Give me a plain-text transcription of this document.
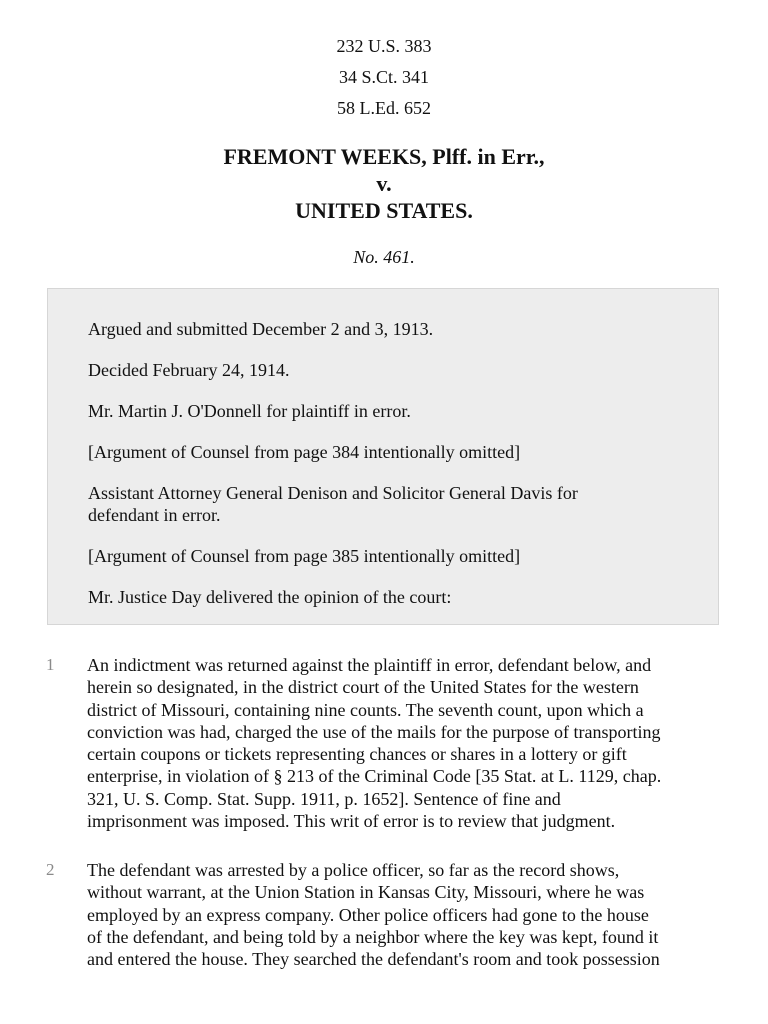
232 U.S. 383
34 S.Ct. 341
58 L.Ed. 652
FREMONT WEEKS, Plff. in Err.,
v.
UNITED STATES.
No. 461.
Argued and submitted December 2 and 3, 1913.
Decided February 24, 1914.
Mr. Martin J. O'Donnell for plaintiff in error.
[Argument of Counsel from page 384 intentionally omitted]
Assistant Attorney General Denison and Solicitor General Davis for
defendant in error.
[Argument of Counsel from page 385 intentionally omitted]
Mr. Justice Day delivered the opinion of the court:
1 An indictment was returned against the plaintiff in error, defendant below, and
herein so designated, in the district court of the United States for the western
district of Missouri, containing nine counts. The seventh count, upon which a
conviction was had, charged the use of the mails for the purpose of transporting
certain coupons or tickets representing chances or shares in a lottery or gift
enterprise, in violation of § 213 of the Criminal Code [35 Stat. at L. 1129, chap.
321, U. S. Comp. Stat. Supp. 1911, p. 1652]. Sentence of fine and
imprisonment was imposed. This writ of error is to review that judgment.
2 The defendant was arrested by a police officer, so far as the record shows,
without warrant, at the Union Station in Kansas City, Missouri, where he was
employed by an express company. Other police officers had gone to the house
of the defendant, and being told by a neighbor where the key was kept, found it
and entered the house. They searched the defendant's room and took possession
